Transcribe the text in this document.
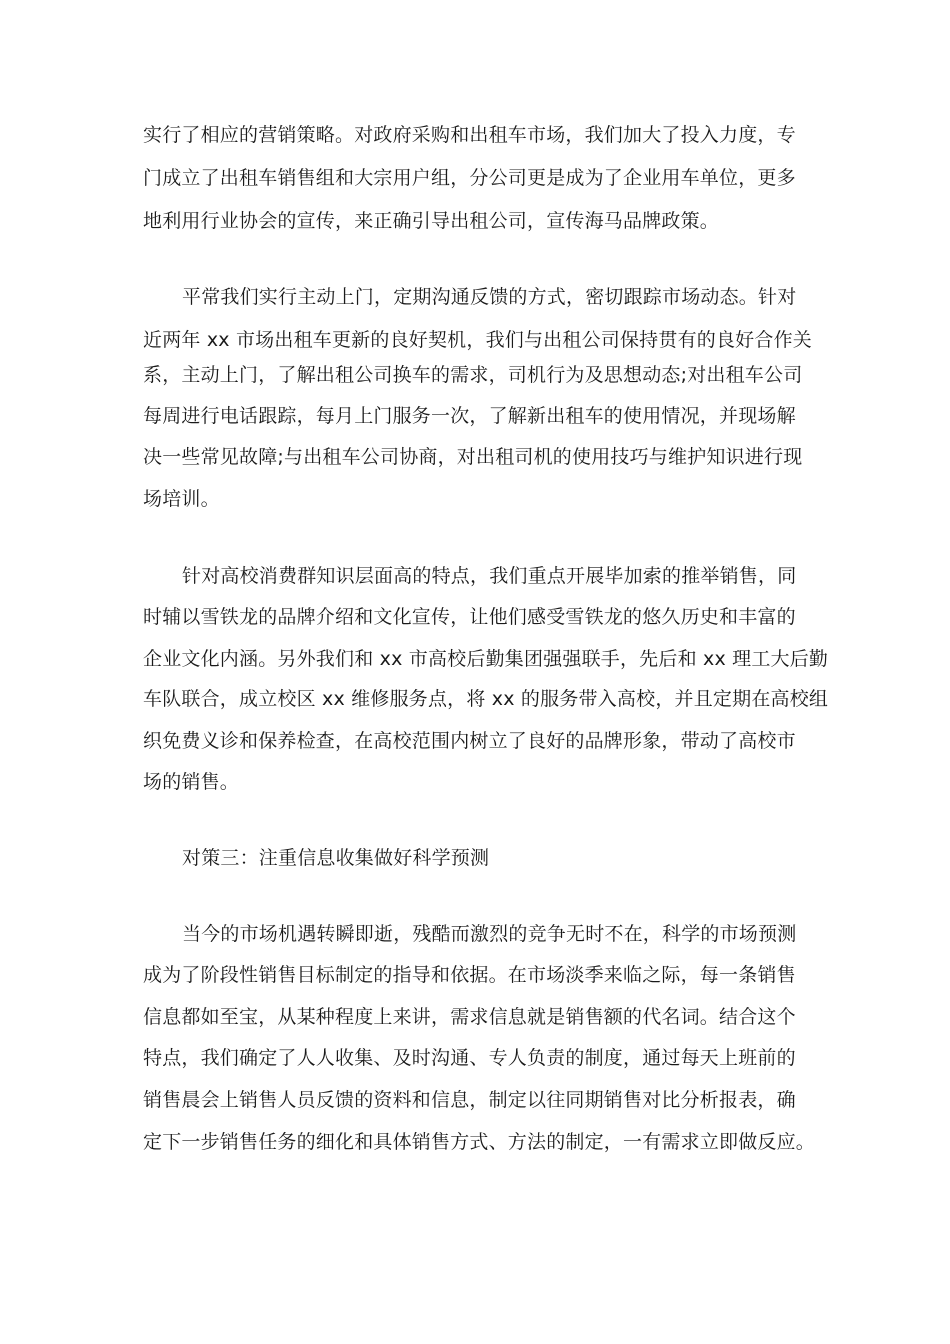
实行了相应的营销策略。对政府采购和出租车市场，我们加大了投入力度，专
门成立了出租车销售组和大宗用户组，分公司更是成为了企业用车单位，更多
地利用行业协会的宣传，来正确引导出租公司，宣传海马品牌政策。
平常我们实行主动上门，定期沟通反馈的方式，密切跟踪市场动态。针对
近两年 xx 市场出租车更新的良好契机，我们与出租公司保持贯有的良好合作关
系，主动上门，了解出租公司换车的需求，司机行为及思想动态;对出租车公司
每周进行电话跟踪，每月上门服务一次，了解新出租车的使用情况，并现场解
决一些常见故障;与出租车公司协商，对出租司机的使用技巧与维护知识进行现
场培训。
针对高校消费群知识层面高的特点，我们重点开展毕加索的推举销售，同
时辅以雪铁龙的品牌介绍和文化宣传，让他们感受雪铁龙的悠久历史和丰富的
企业文化内涵。另外我们和 xx 市高校后勤集团强强联手，先后和 xx 理工大后勤
车队联合，成立校区 xx 维修服务点，将 xx 的服务带入高校，并且定期在高校组
织免费义诊和保养检查，在高校范围内树立了良好的品牌形象，带动了高校市
场的销售。
对策三：注重信息收集做好科学预测
当今的市场机遇转瞬即逝，残酷而激烈的竞争无时不在，科学的市场预测
成为了阶段性销售目标制定的指导和依据。在市场淡季来临之际，每一条销售
信息都如至宝，从某种程度上来讲，需求信息就是销售额的代名词。结合这个
特点，我们确定了人人收集、及时沟通、专人负责的制度，通过每天上班前的
销售晨会上销售人员反馈的资料和信息，制定以往同期销售对比分析报表，确
定下一步销售任务的细化和具体销售方式、方法的制定，一有需求立即做反应。
